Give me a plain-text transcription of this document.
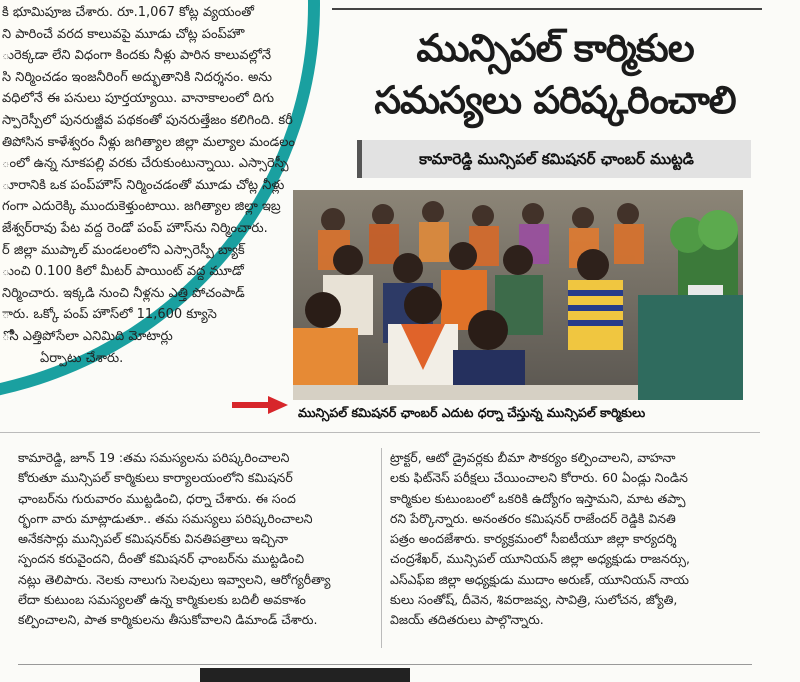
కి భూమిపూజ చేశారు. రూ.1,067 కోట్ల వ్యయంతో
ని పారించే వరద కాలువపై మూడు చోట్ల పంప్‌హౌ
ురెక్కడా లేని విధంగా కిందకు నీళ్లు పారిన కాలువల్లోనే
సి నిర్మించడం ఇంజనీరింగ్ అద్భుతానికి నిదర్శనం. అను
వధిలోనే ఈ పనులు పూర్తయ్యాయి. వానాకాలంలో దిగు
స్పారెస్పీలో పునరుజ్జీవ పథకంతో పునరుత్తేజం కలిగింది. కరీ
తిపోసిన కాళేశ్వరం నీళ్లు జగిత్యాల జిల్లా మల్యాల మండలం
ంలో ఉన్న నూకపల్లి వరకు చేరుకుంటున్నాయి. ఎస్సారెస్పీ
ూరానికి ఒక పంప్‌హౌస్ నిర్మించడంతో మూడు చోట్ల నీళ్లు
గంగా ఎదురెక్కి ముందుకెళ్తుంటాయి. జగిత్యాల జిల్లా ఇబ్ర
జేశ్వర్‌రావు పేట వద్ద రెండో పంప్ హౌస్‌ను నిర్మించారు.
ర్ జిల్లా ముప్కాల్ మండలంలోని ఎస్సారెస్పీ బ్యాక్
ుంచి 0.100 కిలో మీటర్ పాయింట్ వద్ద మూడో
నిర్మించారు. ఇక్కడి నుంచి నీళ్లను ఎత్తి పోచంపాడ్
ారు. ఒక్కో పంప్ హౌస్‌లో 11,600 క్యూసె
ోసి ఎత్తిపోసేలా ఎనిమిది మోటార్లు
ఏర్పాటు చేశారు.
మున్సిపల్ కార్మికుల
సమస్యలు పరిష్కరించాలి
కామారెడ్డి మున్సిపల్ కమిషనర్ ఛాంబర్ ముట్టడి
మున్సిపల్ కమిషనర్ ఛాంబర్ ఎదుట ధర్నా చేస్తున్న మున్సిపల్ కార్మికులు
కామారెడ్డి, జూన్ 19 :తమ సమస్యలను పరిష్కరించాలని
కోరుతూ మున్సిపల్ కార్మికులు కార్యాలయంలోని కమిషనర్
ఛాంబర్‌ను గురువారం ముట్టడించి, ధర్నా చేశారు. ఈ సంద
ర్భంగా వారు మాట్లాడుతూ.. తమ సమస్యలు పరిష్కరించాలని
అనేకసార్లు మున్సిపల్ కమిషనర్‌కు వినతిపత్రాలు ఇచ్చినా
స్పందన కరువైందని, దీంతో కమిషనర్ ఛాంబర్‌ను ముట్టడించి
నట్లు తెలిపారు. నెలకు నాలుగు సెలవులు ఇవ్వాలని, ఆరోగ్యరీత్యా
లేదా కుటుంబ సమస్యలతో ఉన్న కార్మికులకు బదిలీ అవకాశం
కల్పించాలని, పాత కార్మికులను తీసుకోవాలని డిమాండ్ చేశారు.
ట్రాక్టర్, ఆటో డ్రైవర్లకు బీమా సౌకర్యం కల్పించాలని, వాహనా
లకు ఫిట్‌నెస్ పరీక్షలు చేయించాలని కోరారు. 60 ఏండ్లు నిండిన
కార్మికుల కుటుంబంలో ఒకరికి ఉద్యోగం ఇస్తామని, మాట తప్పా
రని పేర్కొన్నారు. అనంతరం కమిషనర్ రాజేందర్ రెడ్డికి వినతి
పత్రం అందజేశారు. కార్యక్రమంలో సీఐటీయూ జిల్లా కార్యదర్శి
చంద్రశేఖర్, మున్సిపల్ యూనియన్ జిల్లా అధ్యక్షుడు రాజనర్సు,
ఎస్ఎఫ్ఐ జిల్లా అధ్యక్షుడు ముదాం అరుణ్, యూనియన్ నాయ
కులు సంతోష్, దీవెన, శివరాజవ్వ, సావిత్రి, సులోచన, జ్యోతి,
విజయ్ తదితరులు పాల్గొన్నారు.
